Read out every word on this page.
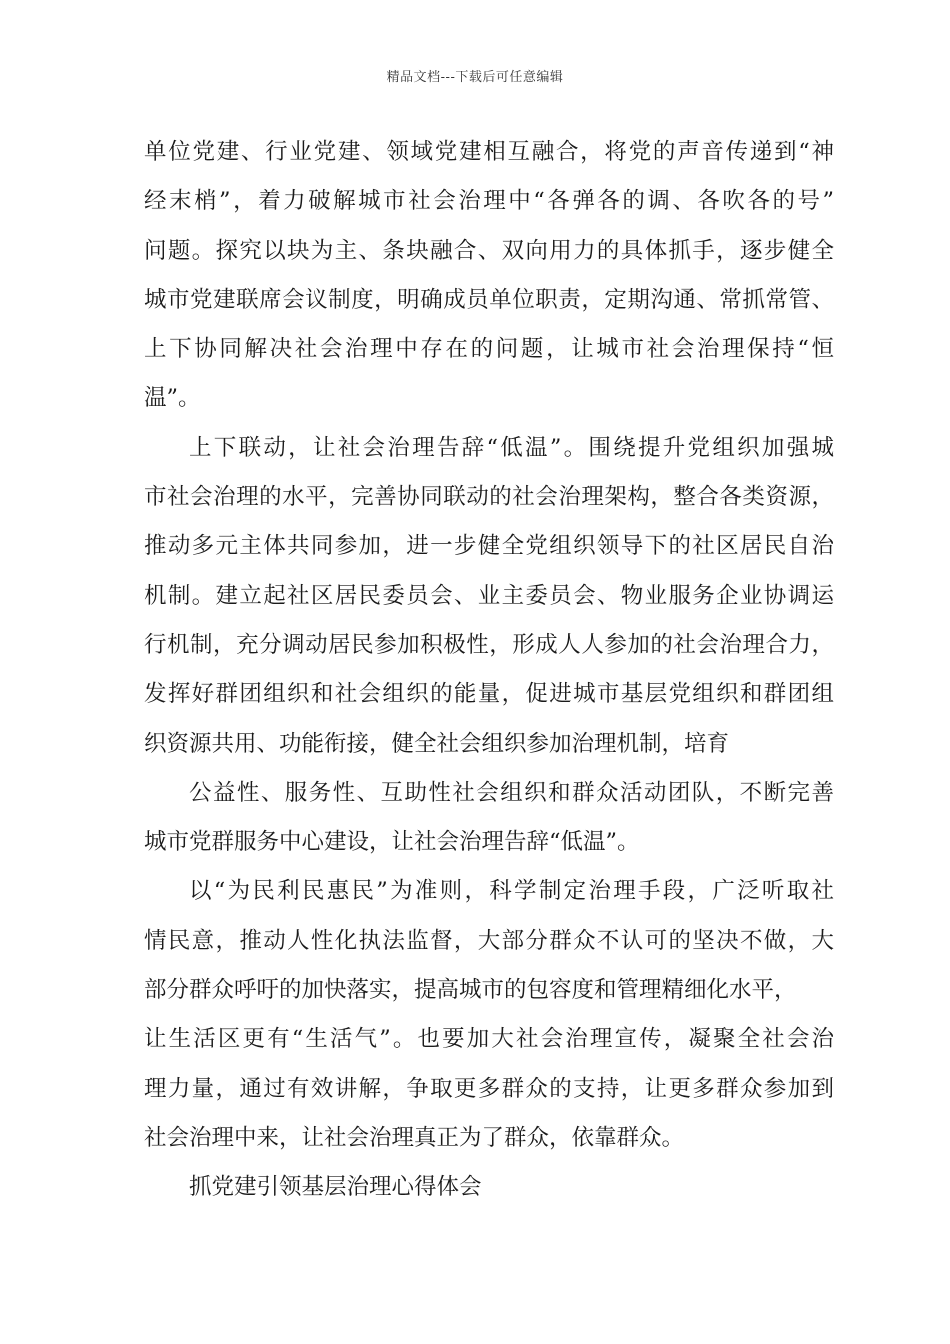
精品文档---下载后可任意编辑
单位党建、行业党建、领域党建相互融合，将党的声音传递到“神
经末梢”，着力破解城市社会治理中“各弹各的调、各吹各的号”
问题。探究以块为主、条块融合、双向用力的具体抓手，逐步健全
城市党建联席会议制度，明确成员单位职责，定期沟通、常抓常管、
上下协同解决社会治理中存在的问题，让城市社会治理保持“恒
温”。
上下联动，让社会治理告辞“低温”。围绕提升党组织加强城
市社会治理的水平，完善协同联动的社会治理架构，整合各类资源，
推动多元主体共同参加，进一步健全党组织领导下的社区居民自治
机制。建立起社区居民委员会、业主委员会、物业服务企业协调运
行机制，充分调动居民参加积极性，形成人人参加的社会治理合力，
发挥好群团组织和社会组织的能量，促进城市基层党组织和群团组
织资源共用、功能衔接，健全社会组织参加治理机制，培育
公益性、服务性、互助性社会组织和群众活动团队，不断完善
城市党群服务中心建设，让社会治理告辞“低温”。
以“为民利民惠民”为准则，科学制定治理手段，广泛听取社
情民意，推动人性化执法监督，大部分群众不认可的坚决不做，大
部分群众呼吁的加快落实，提高城市的包容度和管理精细化水平，
让生活区更有“生活气”。也要加大社会治理宣传，凝聚全社会治
理力量，通过有效讲解，争取更多群众的支持，让更多群众参加到
社会治理中来，让社会治理真正为了群众，依靠群众。
抓党建引领基层治理心得体会
